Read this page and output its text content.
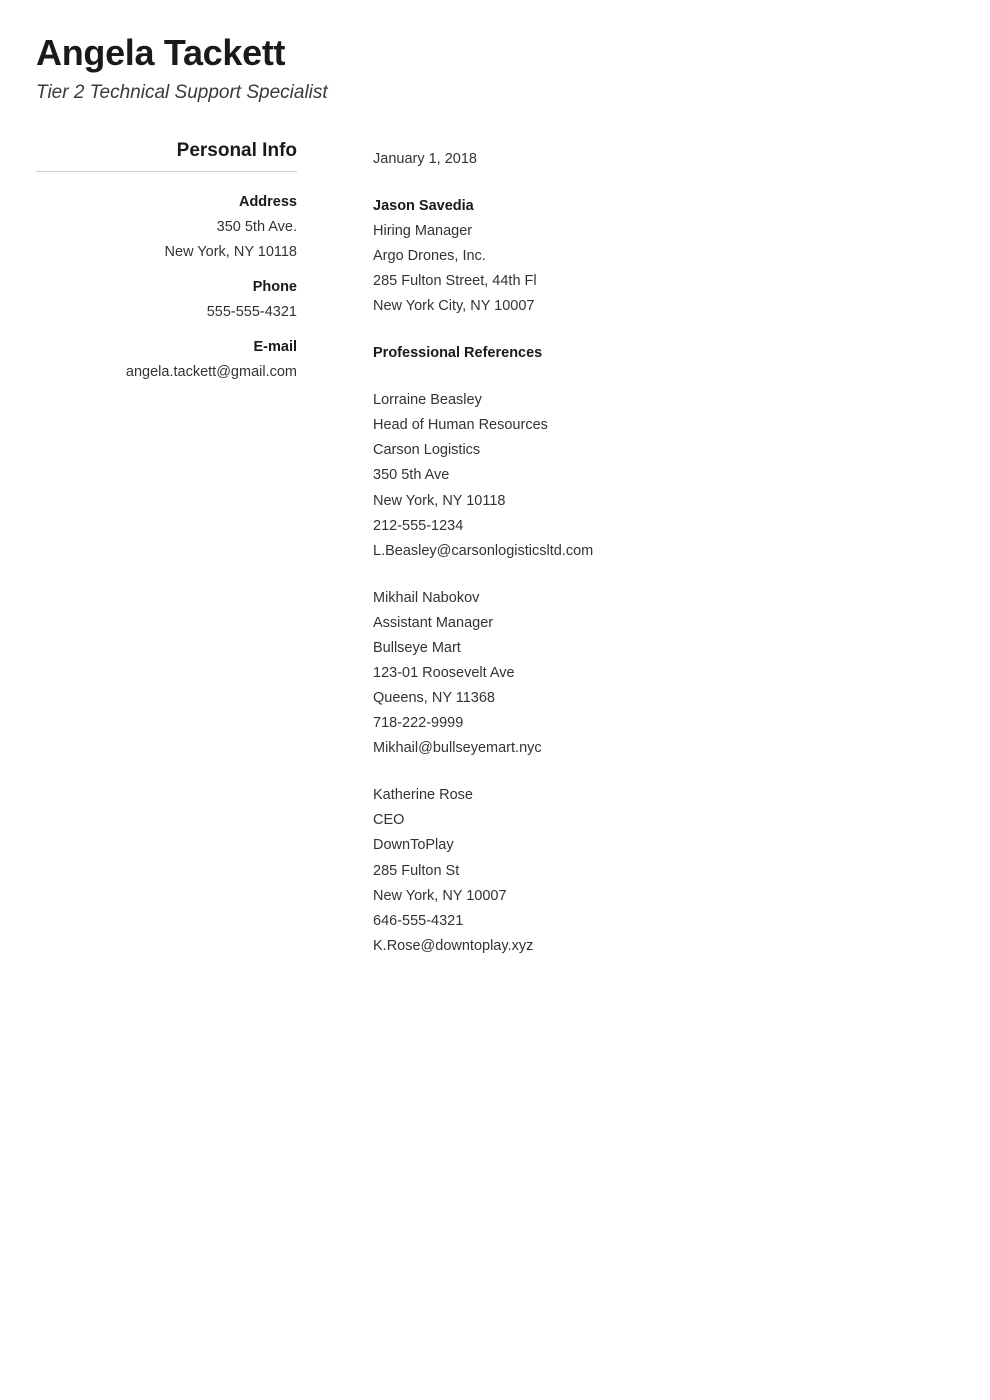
Angela Tackett

Tier 2 Technical Support Specialist

Personal Info
Address
350 5th Ave.
New York, NY 10118
Phone
555-555-4321
E-mail
angela.tackett@gmail.com
January 1, 2018
Jason Savedia
Hiring Manager
Argo Drones, Inc.
285 Fulton Street, 44th Fl
New York City, NY 10007
Professional References
Lorraine Beasley
Head of Human Resources
Carson Logistics
350 5th Ave
New York, NY 10118
212-555-1234
L.Beasley@carsonlogisticsltd.com
Mikhail Nabokov
Assistant Manager
Bullseye Mart
123-01 Roosevelt Ave
Queens, NY 11368
718-222-9999
Mikhail@bullseyemart.nyc
Katherine Rose
CEO
DownToPlay
285 Fulton St
New York, NY 10007
646-555-4321
K.Rose@downtoplay.xyz
